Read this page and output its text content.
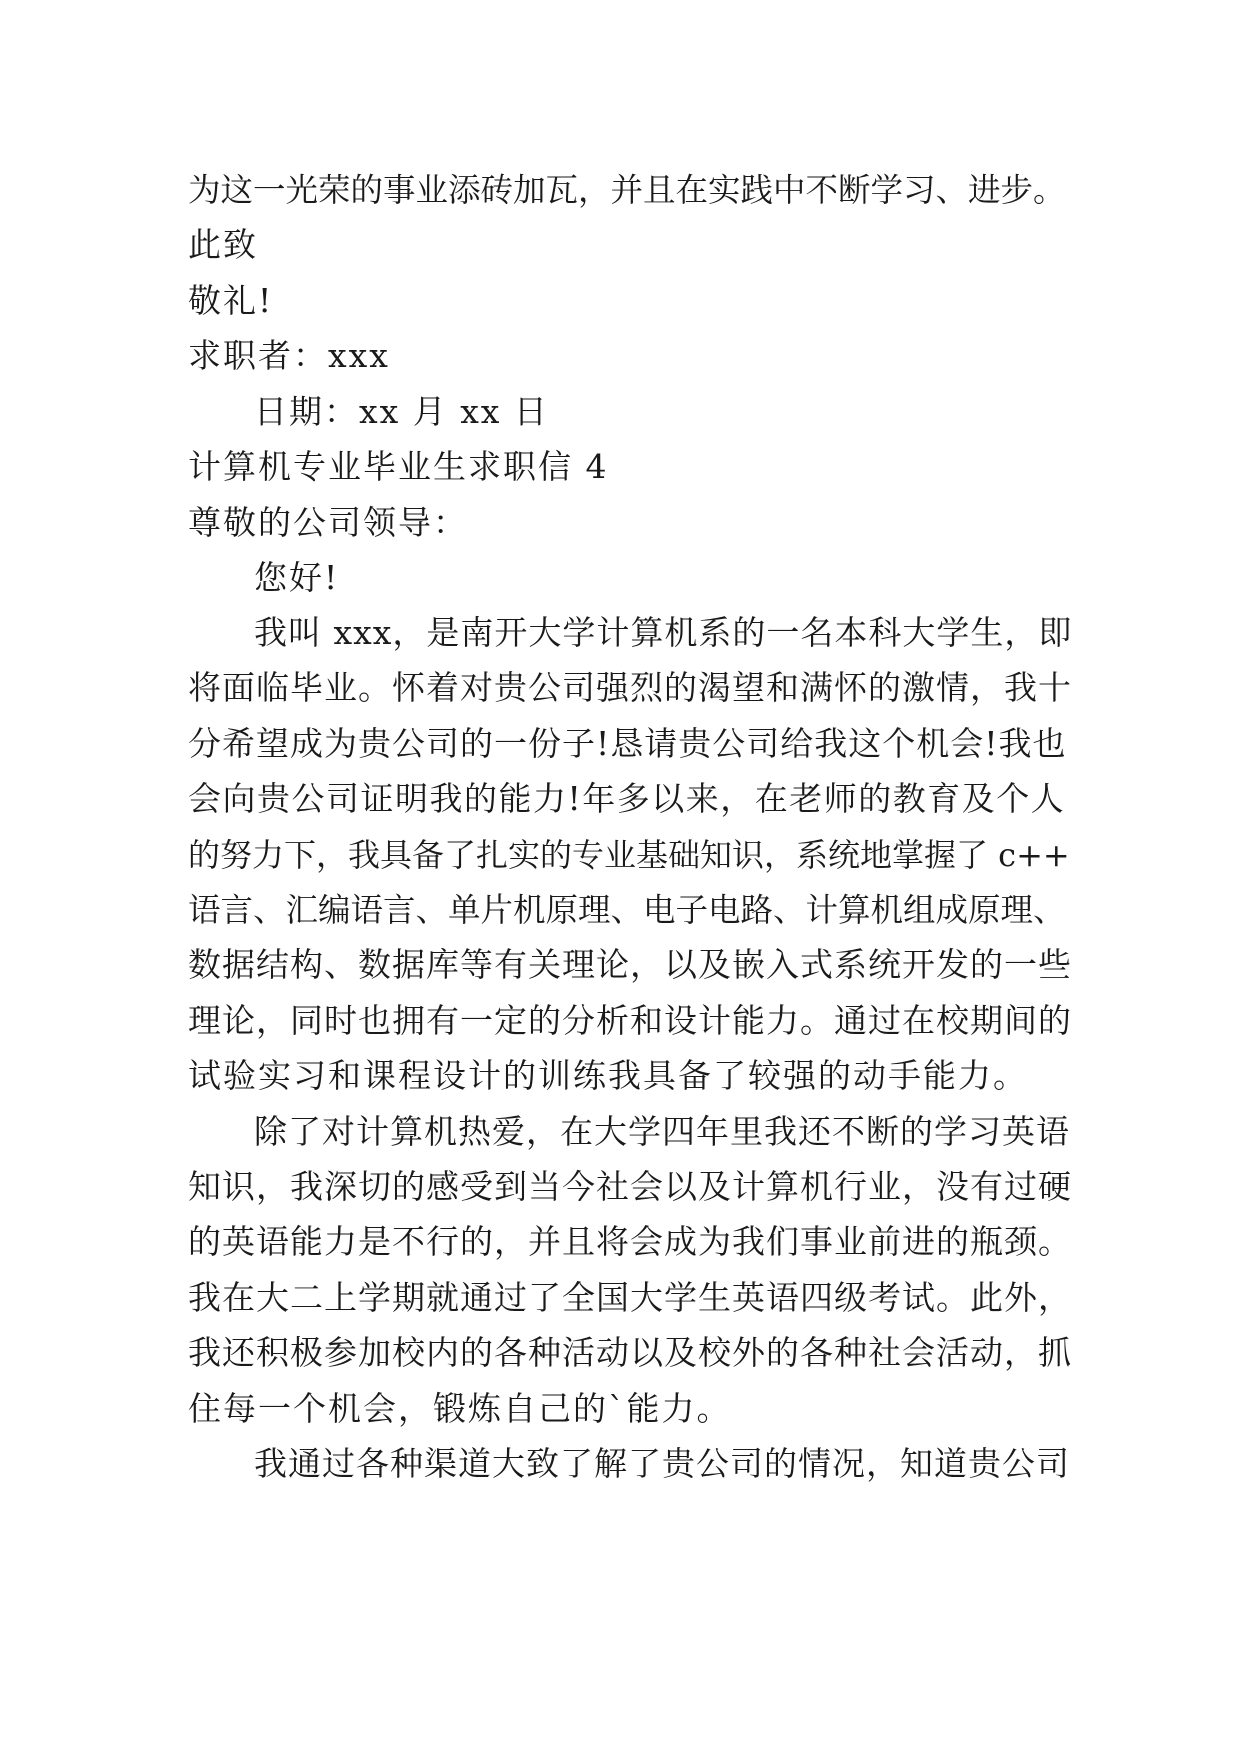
为这一光荣的事业添砖加瓦，并且在实践中不断学习、进步。
此致
敬礼!
求职者：xxx
日期：xx 月 xx 日
计算机专业毕业生求职信 4
尊敬的公司领导：
您好!
我叫 xxx，是南开大学计算机系的一名本科大学生，即
将面临毕业。怀着对贵公司强烈的渴望和满怀的激情，我十
分希望成为贵公司的一份子!恳请贵公司给我这个机会!我也
会向贵公司证明我的能力!年多以来，在老师的教育及个人
的努力下，我具备了扎实的专业基础知识，系统地掌握了 c++
语言、汇编语言、单片机原理、电子电路、计算机组成原理、
数据结构、数据库等有关理论，以及嵌入式系统开发的一些
理论，同时也拥有一定的分析和设计能力。通过在校期间的
试验实习和课程设计的训练我具备了较强的动手能力。
除了对计算机热爱，在大学四年里我还不断的学习英语
知识，我深切的感受到当今社会以及计算机行业，没有过硬
的英语能力是不行的，并且将会成为我们事业前进的瓶颈。
我在大二上学期就通过了全国大学生英语四级考试。此外，
我还积极参加校内的各种活动以及校外的各种社会活动，抓
住每一个机会，锻炼自己的`能力。
我通过各种渠道大致了解了贵公司的情况，知道贵公司
